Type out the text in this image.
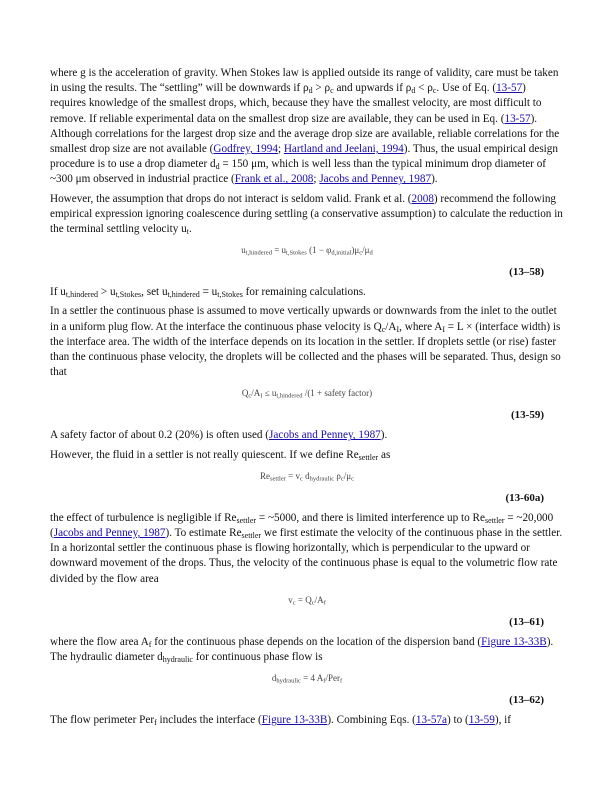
where g is the acceleration of gravity. When Stokes law is applied outside its range of validity, care must be taken in using the results. The “settling” will be downwards if $\rho_d > \rho_c$ and upwards if $\rho_d < \rho_c$. Use of Eq. (13-57) requires knowledge of the smallest drops, which, because they have the smallest velocity, are most difficult to remove. If reliable experimental data on the smallest drop size are available, they can be used in Eq. (13-57). Although correlations for the largest drop size and the average drop size are available, reliable correlations for the smallest drop size are not available (Godfrey, 1994; Hartland and Jeelani, 1994). Thus, the usual empirical design procedure is to use a drop diameter $d_d = 150$ μm, which is well less than the typical minimum drop diameter of ~300 μm observed in industrial practice (Frank et al., 2008; Jacobs and Penney, 1987).

However, the assumption that drops do not interact is seldom valid. Frank et al. (2008) recommend the following empirical expression ignoring coalescence during settling (a conservative assumption) to calculate the reduction in the terminal settling velocity $u_t$.

$u_{t,hindered} = u_{t,Stokes}$ $(1 - \varphi_{d,initial})\mu_c/\mu_d$
(13–58)

If $u_{t,hindered} > u_{t,Stokes}$, set $u_{t,hindered} = u_{t,Stokes}$ for remaining calculations.

In a settler the continuous phase is assumed to move vertically upwards or downwards from the inlet to the outlet in a uniform plug flow. At the interface the continuous phase velocity is $Q_c/A_I$, where $A_I = L$ × (interface width) is the interface area. The width of the interface depends on its location in the settler. If droplets settle (or rise) faster than the continuous phase velocity, the droplets will be collected and the phases will be separated. Thus, design so that

$Q_c/A_I \le u_{t,hindered}$ /(1 + safety factor)
(13-59)

A safety factor of about 0.2 (20%) is often used (Jacobs and Penney, 1987).

However, the fluid in a settler is not really quiescent. If we define $Re_{settler}$ as

$Re_{settler} = v_c$ $d_{hydraulic}$ $\rho_c/\mu_c$
(13-60a)

the effect of turbulence is negligible if $Re_{settler}$ = ~5000, and there is limited interference up to $Re_{settler}$ = ~20,000 (Jacobs and Penney, 1987). To estimate $Re_{settler}$ we first estimate the velocity of the continuous phase in the settler. In a horizontal settler the continuous phase is flowing horizontally, which is perpendicular to the upward or downward movement of the drops. Thus, the velocity of the continuous phase is equal to the volumetric flow rate divided by the flow area

$v_c = Q_c/A_f$
(13–61)

where the flow area $A_f$ for the continuous phase depends on the location of the dispersion band (Figure 13-33B). The hydraulic diameter $d_{hydraulic}$ for continuous phase flow is

$d_{hydraulic} = 4$ $A_f/Per_f$
(13–62)

The flow perimeter Per$_f$ includes the interface (Figure 13-33B). Combining Eqs. (13-57a) to (13-59), if
